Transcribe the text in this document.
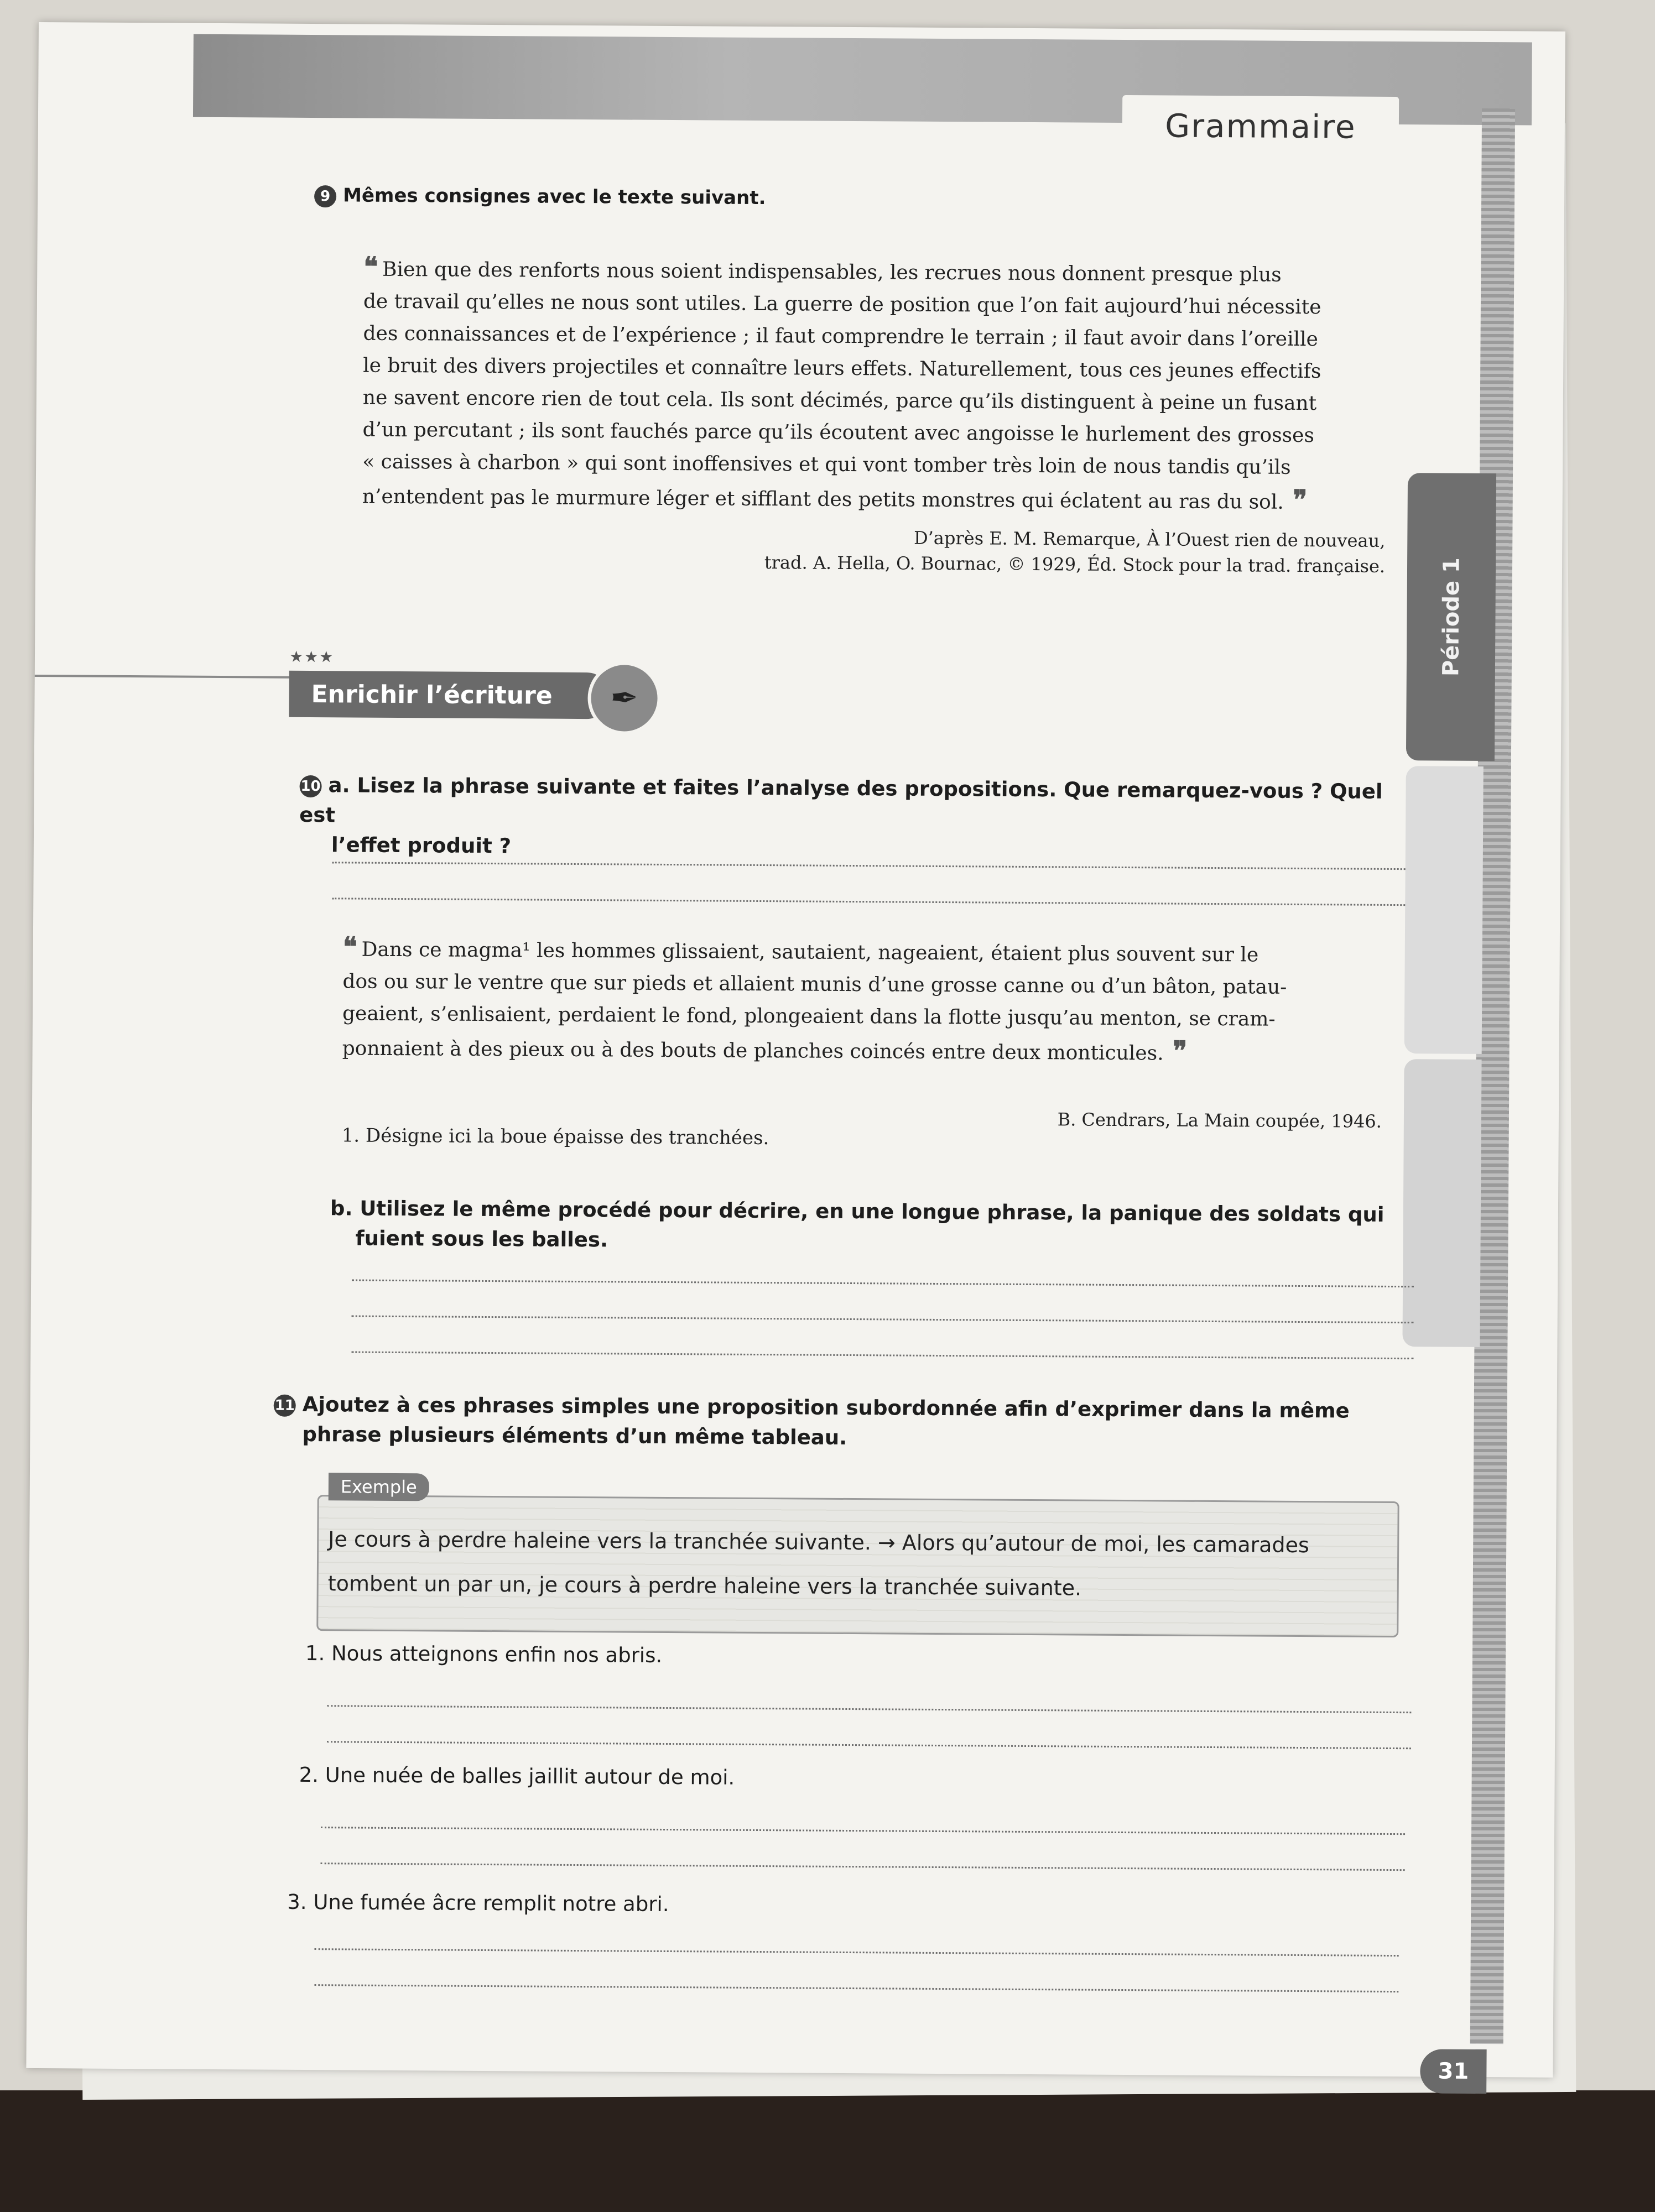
Grammaire
Période 1
9 Mêmes consignes avec le texte suivant.
❝ Bien que des renforts nous soient indispensables, les recrues nous donnent presque plus
de travail qu’elles ne nous sont utiles. La guerre de position que l’on fait aujourd’hui nécessite
des connaissances et de l’expérience ; il faut comprendre le terrain ; il faut avoir dans l’oreille
le bruit des divers projectiles et connaître leurs effets. Naturellement, tous ces jeunes effectifs
ne savent encore rien de tout cela. Ils sont décimés, parce qu’ils distinguent à peine un fusant
d’un percutant ; ils sont fauchés parce qu’ils écoutent avec angoisse le hurlement des grosses
« caisses à charbon » qui sont inoffensives et qui vont tomber très loin de nous tandis qu’ils
n’entendent pas le murmure léger et sifflant des petits monstres qui éclatent au ras du sol. ❞
D’après E. M. Remarque, À l’Ouest rien de nouveau,
trad. A. Hella, O. Bournac, © 1929, Éd. Stock pour la trad. française.
★★★
Enrichir l’écriture	✒
10 a. Lisez la phrase suivante et faites l’analyse des propositions. Que remarquez-vous ? Quel est
l’effet produit ?
❝ Dans ce magma¹ les hommes glissaient, sautaient, nageaient, étaient plus souvent sur le
dos ou sur le ventre que sur pieds et allaient munis d’une grosse canne ou d’un bâton, patau-
geaient, s’enlisaient, perdaient le fond, plongeaient dans la flotte jusqu’au menton, se cram-
ponnaient à des pieux ou à des bouts de planches coincés entre deux monticules. ❞
B. Cendrars, La Main coupée, 1946.
1. Désigne ici la boue épaisse des tranchées.
b. Utilisez le même procédé pour décrire, en une longue phrase, la panique des soldats qui
fuient sous les balles.
11 Ajoutez à ces phrases simples une proposition subordonnée afin d’exprimer dans la même
phrase plusieurs éléments d’un même tableau.
Exemple
Je cours à perdre haleine vers la tranchée suivante. → Alors qu’autour de moi, les camarades
tombent un par un, je cours à perdre haleine vers la tranchée suivante.
1. Nous atteignons enfin nos abris.
2. Une nuée de balles jaillit autour de moi.
3. Une fumée âcre remplit notre abri.
31
